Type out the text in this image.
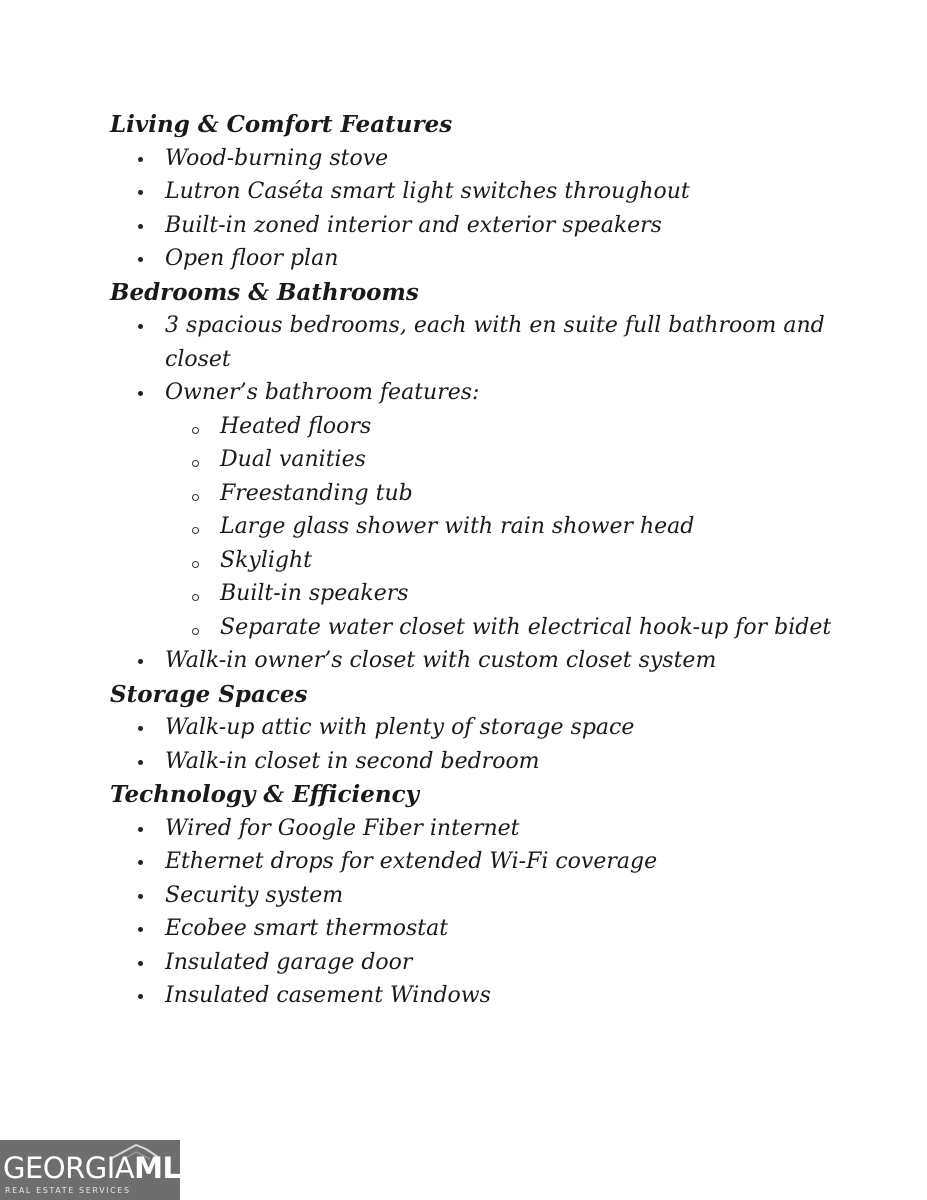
Living & Comfort Features
Wood-burning stove
Lutron Caséta smart light switches throughout
Built-in zoned interior and exterior speakers
Open floor plan
Bedrooms & Bathrooms
3 spacious bedrooms, each with en suite full bathroom and closet
Owner’s bathroom features:
Heated floors
Dual vanities
Freestanding tub
Large glass shower with rain shower head
Skylight
Built-in speakers
Separate water closet with electrical hook-up for bidet
Walk-in owner’s closet with custom closet system
Storage Spaces
Walk-up attic with plenty of storage space
Walk-in closet in second bedroom
Technology & Efficiency
Wired for Google Fiber internet
Ethernet drops for extended Wi-Fi coverage
Security system
Ecobee smart thermostat
Insulated garage door
Insulated casement Windows
GEORGIAMLS
REAL ESTATE SERVICES
